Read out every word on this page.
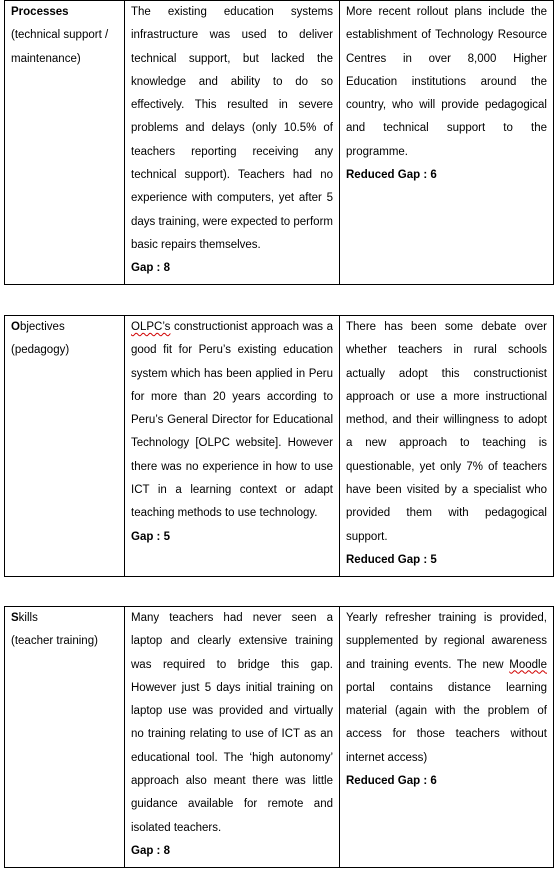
Processes
(technical support / maintenance)
	The existing education systems infrastructure was used to deliver technical support, but lacked the knowledge and ability to do so effectively. This resulted in severe problems and delays (only 10.5% of teachers reporting receiving any technical support). Teachers had no experience with computers, yet after 5 days training, were expected to perform basic repairs themselves.
Gap : 8
	More recent rollout plans include the establishment of Technology Resource Centres in over 8,000 Higher Education institutions around the country, who will provide pedagogical and technical support to the programme.
Reduced Gap : 6
Objectives
(pedagogy)
	OLPC’s constructionist approach was a good fit for Peru’s existing education system which has been applied in Peru for more than 20 years according to Peru’s General Director for Educational Technology [OLPC website]. However there was no experience in how to use ICT in a learning context or adapt teaching methods to use technology.
Gap : 5
	There has been some debate over whether teachers in rural schools actually adopt this constructionist approach or use a more instructional method, and their willingness to adopt a new approach to teaching is questionable, yet only 7% of teachers have been visited by a specialist who provided them with pedagogical support.
Reduced Gap : 5
Skills
(teacher training)
	Many teachers had never seen a laptop and clearly extensive training was required to bridge this gap. However just 5 days initial training on laptop use was provided and virtually no training relating to use of ICT as an educational tool. The ‘high autonomy’ approach also meant there was little guidance available for remote and isolated teachers.
Gap : 8
	Yearly refresher training is provided, supplemented by regional awareness and training events. The new Moodle portal contains distance learning material (again with the problem of access for those teachers without internet access)
Reduced Gap : 6
